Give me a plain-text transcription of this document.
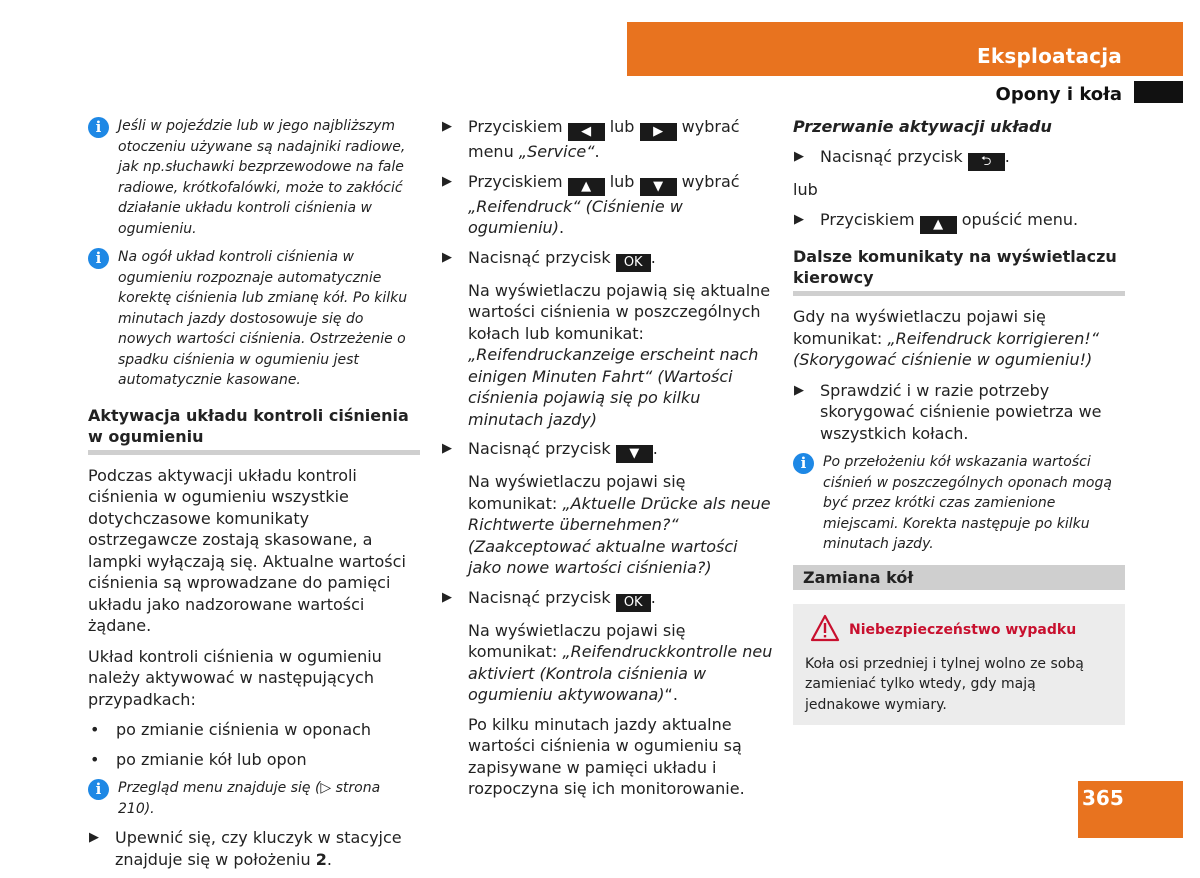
Eksploatacja
Opony i koła
i	Jeśli w pojeździe lub w jego najbliższym otoczeniu używane są nadajniki radiowe, jak np.słuchawki bezprzewodowe na fale radiowe, krótkofalówki, może to zakłócić działanie układu kontroli ciśnienia w ogumieniu.
i	Na ogół układ kontroli ciśnienia w ogumieniu rozpoznaje automatycznie korektę ciśnienia lub zmianę kół. Po kilku minutach jazdy dostosowuje się do nowych wartości ciśnienia. Ostrzeżenie o spadku ciśnienia w ogumieniu jest automatycznie kasowane.
Aktywacja układu kontroli ciśnienia w ogumieniu

Podczas aktywacji układu kontroli ciśnienia w ogumieniu wszystkie dotychczasowe komunikaty ostrzegawcze zostają skasowane, a lampki wyłączają się. Aktualne wartości ciśnienia są wprowadzane do pamięci układu jako nadzorowane wartości żądane.

Układ kontroli ciśnienia w ogumieniu należy aktywować w następujących przypadkach:

• po zmianie ciśnienia w oponach
• po zmianie kół lub opon
i	Przegląd menu znajduje się (▷ strona 210).
▶ Upewnić się, czy kluczyk w stacyjce znajduje się w położeniu 2.
▶ Przyciskiem ◀ lub ▶ wybrać
menu „Service“.
▶ Przyciskiem ▲ lub ▼ wybrać
„Reifendruck“ (Ciśnienie w ogumieniu).
▶ Nacisnąć przycisk OK .

Na wyświetlaczu pojawią się aktualne wartości ciśnienia w poszczególnych kołach lub komunikat: „Reifendruckanzeige erscheint nach einigen Minuten Fahrt“ (Wartości ciśnienia pojawią się po kilku minutach jazdy)

▶ Nacisnąć przycisk ▼ .

Na wyświetlaczu pojawi się komunikat: „Aktuelle Drücke als neue Richtwerte übernehmen?“ (Zaakceptować aktualne wartości jako nowe wartości ciśnienia?)

▶ Nacisnąć przycisk OK .

Na wyświetlaczu pojawi się komunikat: „Reifendruckkontrolle neu aktiviert (Kontrola ciśnienia w ogumieniu aktywowana)“.

Po kilku minutach jazdy aktualne wartości ciśnienia w ogumieniu są zapisywane w pamięci układu i rozpoczyna się ich monitorowanie.

Przerwanie aktywacji układu

▶ Nacisnąć przycisk ⮌ .

lub

▶ Przyciskiem ▲ opuścić menu.
Dalsze komunikaty na wyświetlaczu kierowcy

Gdy na wyświetlaczu pojawi się komunikat: „Reifendruck korrigieren!“ (Skorygować ciśnienie w ogumieniu!)

▶ Sprawdzić i w razie potrzeby skorygować ciśnienie powietrza we wszystkich kołach.
i	Po przełożeniu kół wskazania wartości ciśnień w poszczególnych oponach mogą być przez krótki czas zamienione miejscami. Korekta następuje po kilku minutach jazdy.
Zamiana kół
Niebezpieczeństwo wypadku
Koła osi przedniej i tylnej wolno ze sobą zamieniać tylko wtedy, gdy mają jednakowe wymiary.
365
